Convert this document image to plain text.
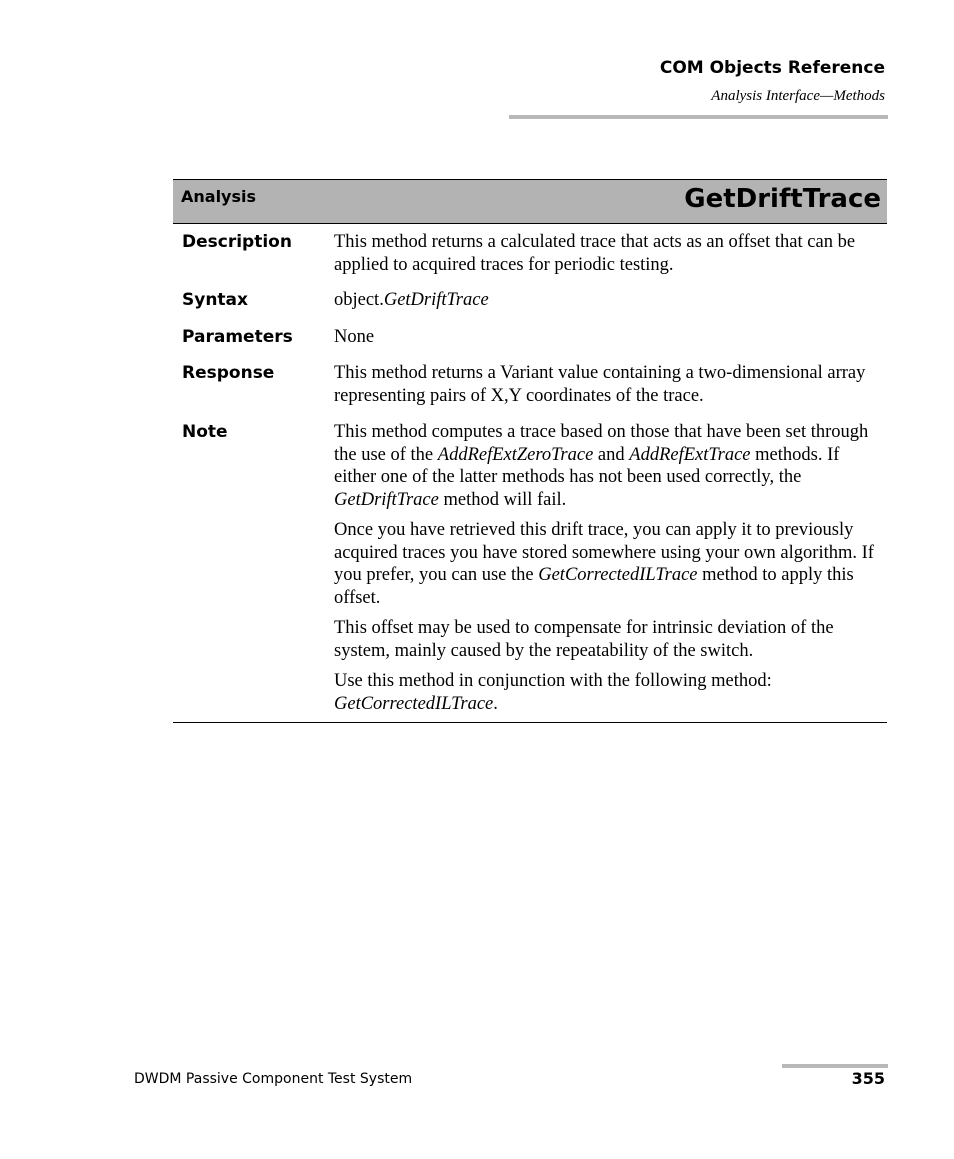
COM Objects Reference
Analysis Interface—Methods
Analysis	GetDriftTrace
Description	This method returns a calculated trace that acts as an offset that can be applied to acquired traces for periodic testing.
Syntax	object.GetDriftTrace
Parameters	None
Response	This method returns a Variant value containing a two-dimensional array representing pairs of X,Y coordinates of the trace.
Note	This method computes a trace based on those that have been set through the use of the AddRefExtZeroTrace and AddRefExtTrace methods. If either one of the latter methods has not been used correctly, the GetDriftTrace method will fail.

Once you have retrieved this drift trace, you can apply it to previously acquired traces you have stored somewhere using your own algorithm. If you prefer, you can use the GetCorrectedILTrace method to apply this offset.

This offset may be used to compensate for intrinsic deviation of the system, mainly caused by the repeatability of the switch.

Use this method in conjunction with the following method: GetCorrectedILTrace.

DWDM Passive Component Test System	355
